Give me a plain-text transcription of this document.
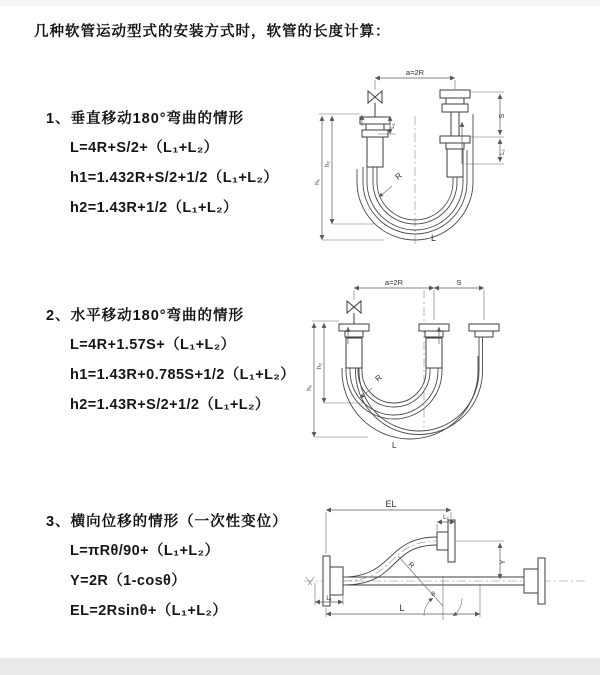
几种软管运动型式的安装方式时，软管的长度计算：
1、垂直移动180°弯曲的情形
L=4R+S/2+（L₁+L₂）
h1=1.432R+S/2+1/2（L₁+L₂）
h2=1.43R+1/2（L₁+L₂）
a=2R
h₁
h₂
L₁
S
L₂
R
L
2、水平移动180°弯曲的情形
L=4R+1.57S+（L₁+L₂）
h1=1.43R+0.785S+1/2（L₁+L₂）
h2=1.43R+S/2+1/2（L₁+L₂）
a=2R	S
h₁
h₂
R
L
3、横向位移的情形（一次性变位）
L=πRθ/90+（L₁+L₂）
Y=2R（1-cosθ）
EL=2Rsinθ+（L₁+L₂）
EL
L₂
Y
L
L₁
R
θ
